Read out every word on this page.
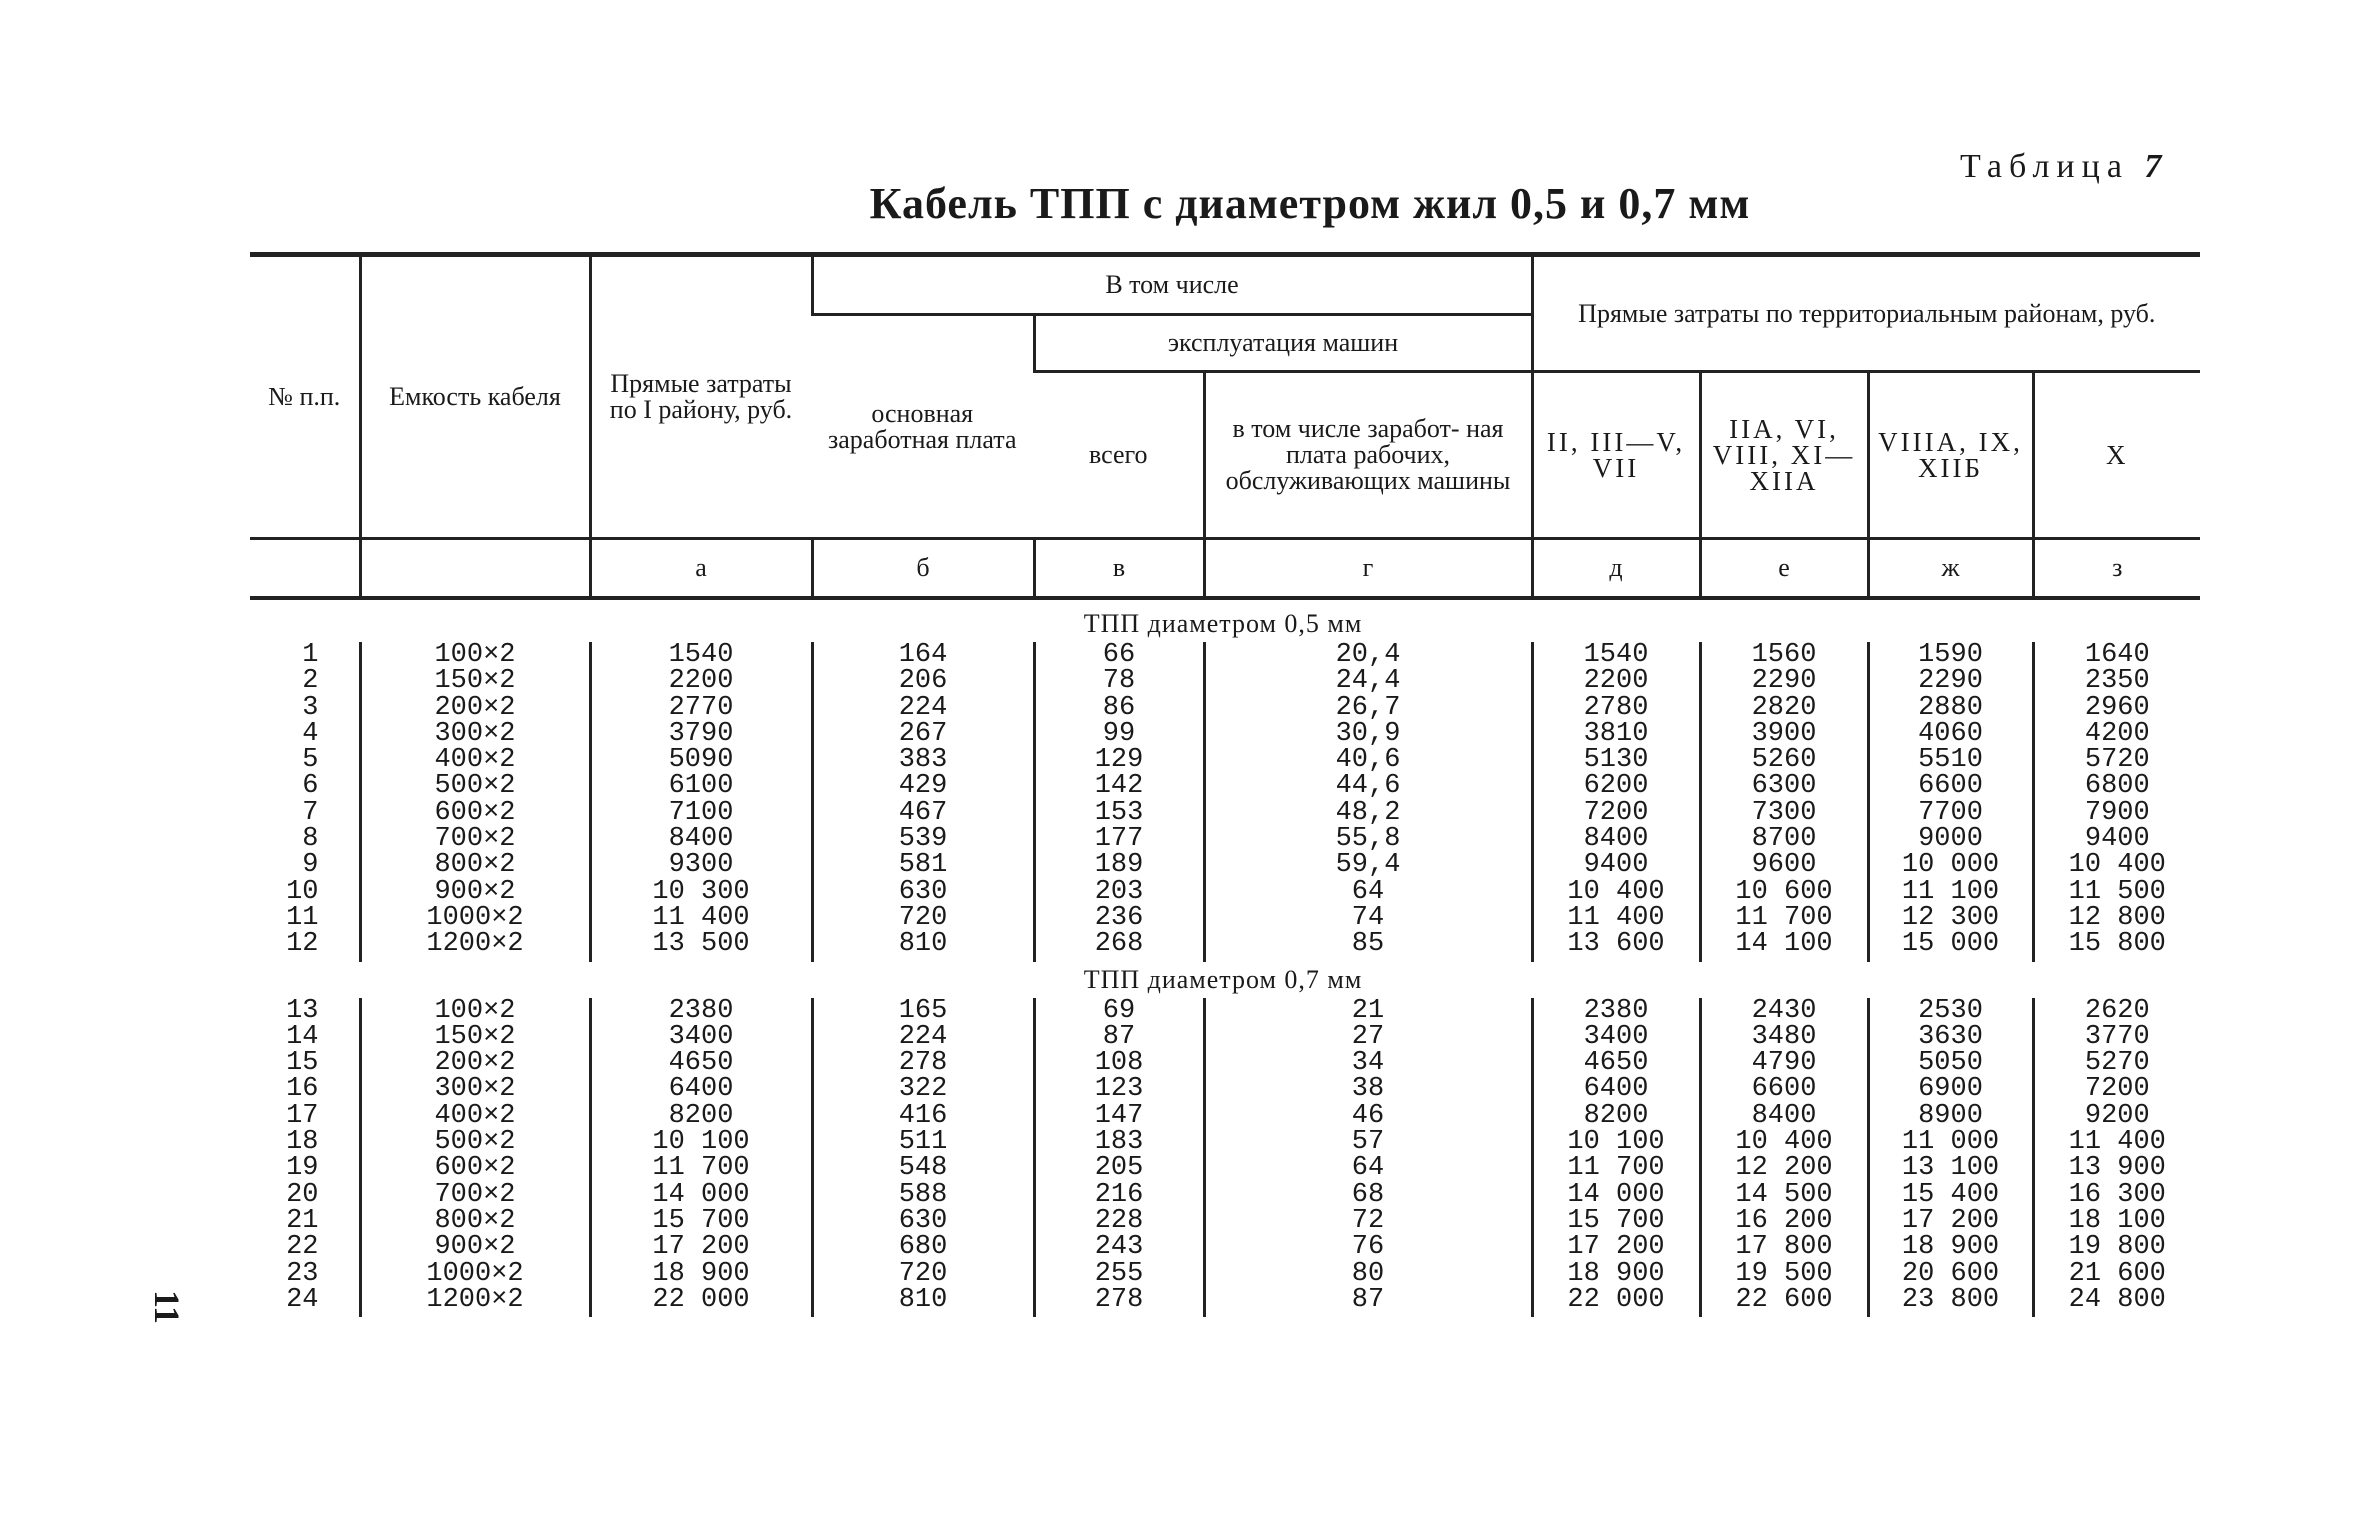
Таблица 7
Кабель ТПП с диаметром жил 0,5 и 0,7 мм
11
№ п.п.	Емкость кабеля	Прямые затраты по I району, руб.	В том числе			Прямые затраты по территориальным районам, руб.			
			основная заработная плата	эксплуатация машин					
				всего	в том числе заработ- ная плата рабочих, обслуживающих машины	II, III—V, VII	IIA, VI, VIII, XI—XIIA	VIIIA, IX, XIIБ	X
		а	б	в	г	д	е	ж	з
ТПП диаметром 0,5 мм									
1	100×2	1540	164	66	20,4	1540	1560	1590	1640
2	150×2	2200	206	78	24,4	2200	2290	2290	2350
3	200×2	2770	224	86	26,7	2780	2820	2880	2960
4	300×2	3790	267	99	30,9	3810	3900	4060	4200
5	400×2	5090	383	129	40,6	5130	5260	5510	5720
6	500×2	6100	429	142	44,6	6200	6300	6600	6800
7	600×2	7100	467	153	48,2	7200	7300	7700	7900
8	700×2	8400	539	177	55,8	8400	8700	9000	9400
9	800×2	9300	581	189	59,4	9400	9600	10 000	10 400
10	900×2	10 300	630	203	64	10 400	10 600	11 100	11 500
11	1000×2	11 400	720	236	74	11 400	11 700	12 300	12 800
12	1200×2	13 500	810	268	85	13 600	14 100	15 000	15 800
ТПП диаметром 0,7 мм									
13	100×2	2380	165	69	21	2380	2430	2530	2620
14	150×2	3400	224	87	27	3400	3480	3630	3770
15	200×2	4650	278	108	34	4650	4790	5050	5270
16	300×2	6400	322	123	38	6400	6600	6900	7200
17	400×2	8200	416	147	46	8200	8400	8900	9200
18	500×2	10 100	511	183	57	10 100	10 400	11 000	11 400
19	600×2	11 700	548	205	64	11 700	12 200	13 100	13 900
20	700×2	14 000	588	216	68	14 000	14 500	15 400	16 300
21	800×2	15 700	630	228	72	15 700	16 200	17 200	18 100
22	900×2	17 200	680	243	76	17 200	17 800	18 900	19 800
23	1000×2	18 900	720	255	80	18 900	19 500	20 600	21 600
24	1200×2	22 000	810	278	87	22 000	22 600	23 800	24 800
